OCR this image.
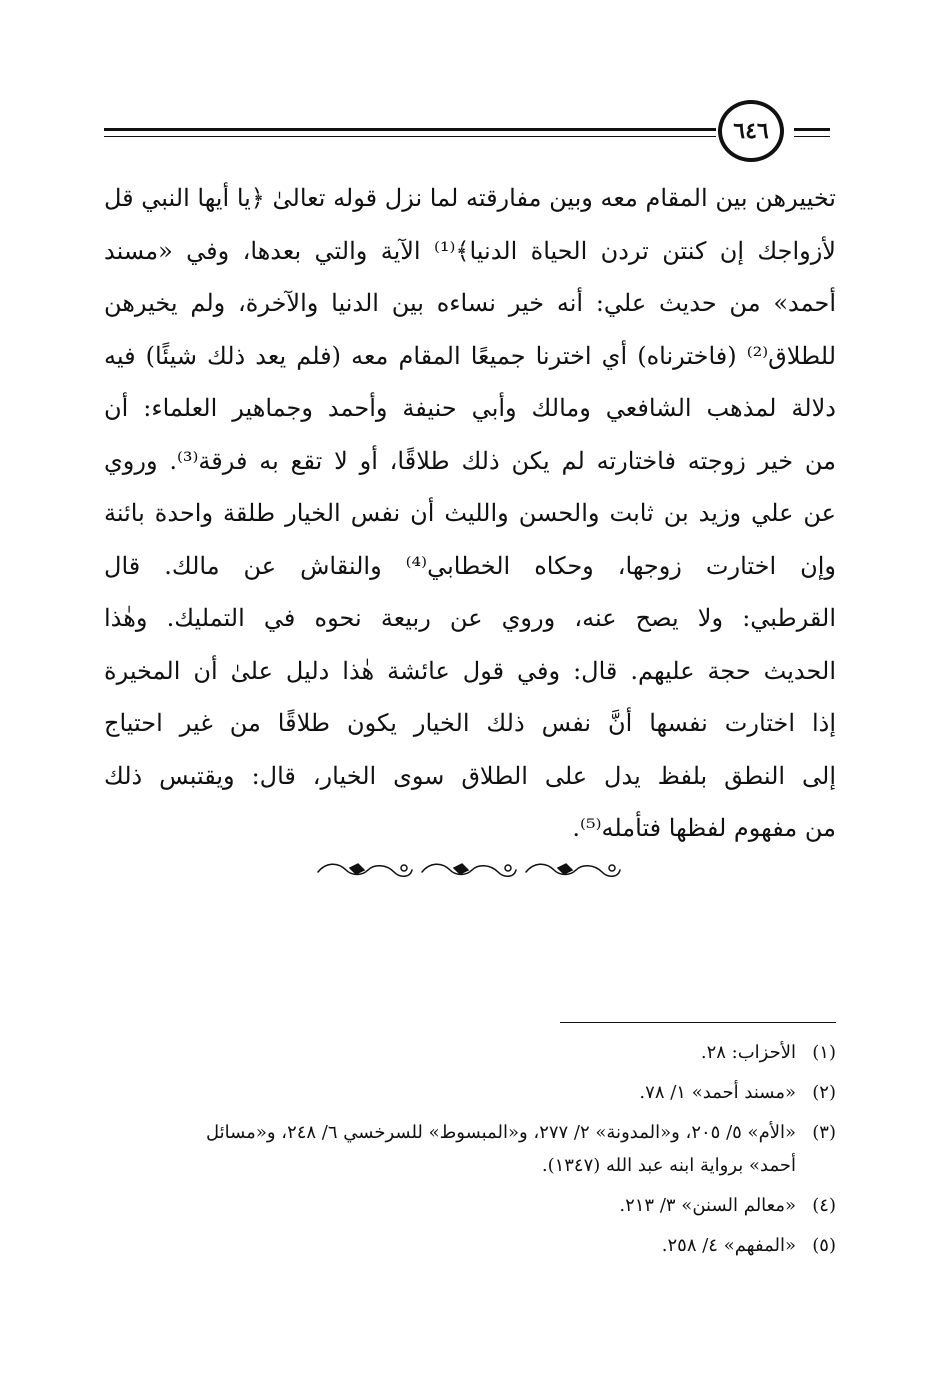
٦٤٦
تخييرهن بين المقام معه وبين مفارقته لما نزل قوله تعالىٰ ﴿يا أيها النبي قل
لأزواجك إن كنتن تردن الحياة الدنيا﴾⁽¹⁾ الآية والتي بعدها، وفي «مسند
أحمد» من حديث علي: أنه خير نساءه بين الدنيا والآخرة، ولم يخيرهن
للطلاق⁽²⁾ (فاخترناه) أي اخترنا جميعًا المقام معه (فلم يعد ذلك شيئًا) فيه
دلالة لمذهب الشافعي ومالك وأبي حنيفة وأحمد وجماهير العلماء: أن
من خير زوجته فاختارته لم يكن ذلك طلاقًا، أو لا تقع به فرقة⁽³⁾. وروي
عن علي وزيد بن ثابت والحسن والليث أن نفس الخيار طلقة واحدة بائنة
وإن اختارت زوجها، وحكاه الخطابي⁽⁴⁾ والنقاش عن مالك. قال
القرطبي: ولا يصح عنه، وروي عن ربيعة نحوه في التمليك. وهٰذا
الحديث حجة عليهم. قال: وفي قول عائشة هٰذا دليل علىٰ أن المخيرة
إذا اختارت نفسها أنَّ نفس ذلك الخيار يكون طلاقًا من غير احتياج
إلى النطق بلفظ يدل على الطلاق سوى الخيار، قال: ويقتبس ذلك
من مفهوم لفظها فتأمله⁽⁵⁾.
(١)
الأحزاب: ٢٨.
(٢)
«مسند أحمد» ١/ ٧٨.
(٣)
«الأم» ٥/ ٢٠٥، و«المدونة» ٢/ ٢٧٧، و«المبسوط» للسرخسي ٦/ ٢٤٨، و«مسائل
أحمد» برواية ابنه عبد الله (١٣٤٧).
(٤)
«معالم السنن» ٣/ ٢١٣.
(٥)
«المفهم» ٤/ ٢٥٨.
